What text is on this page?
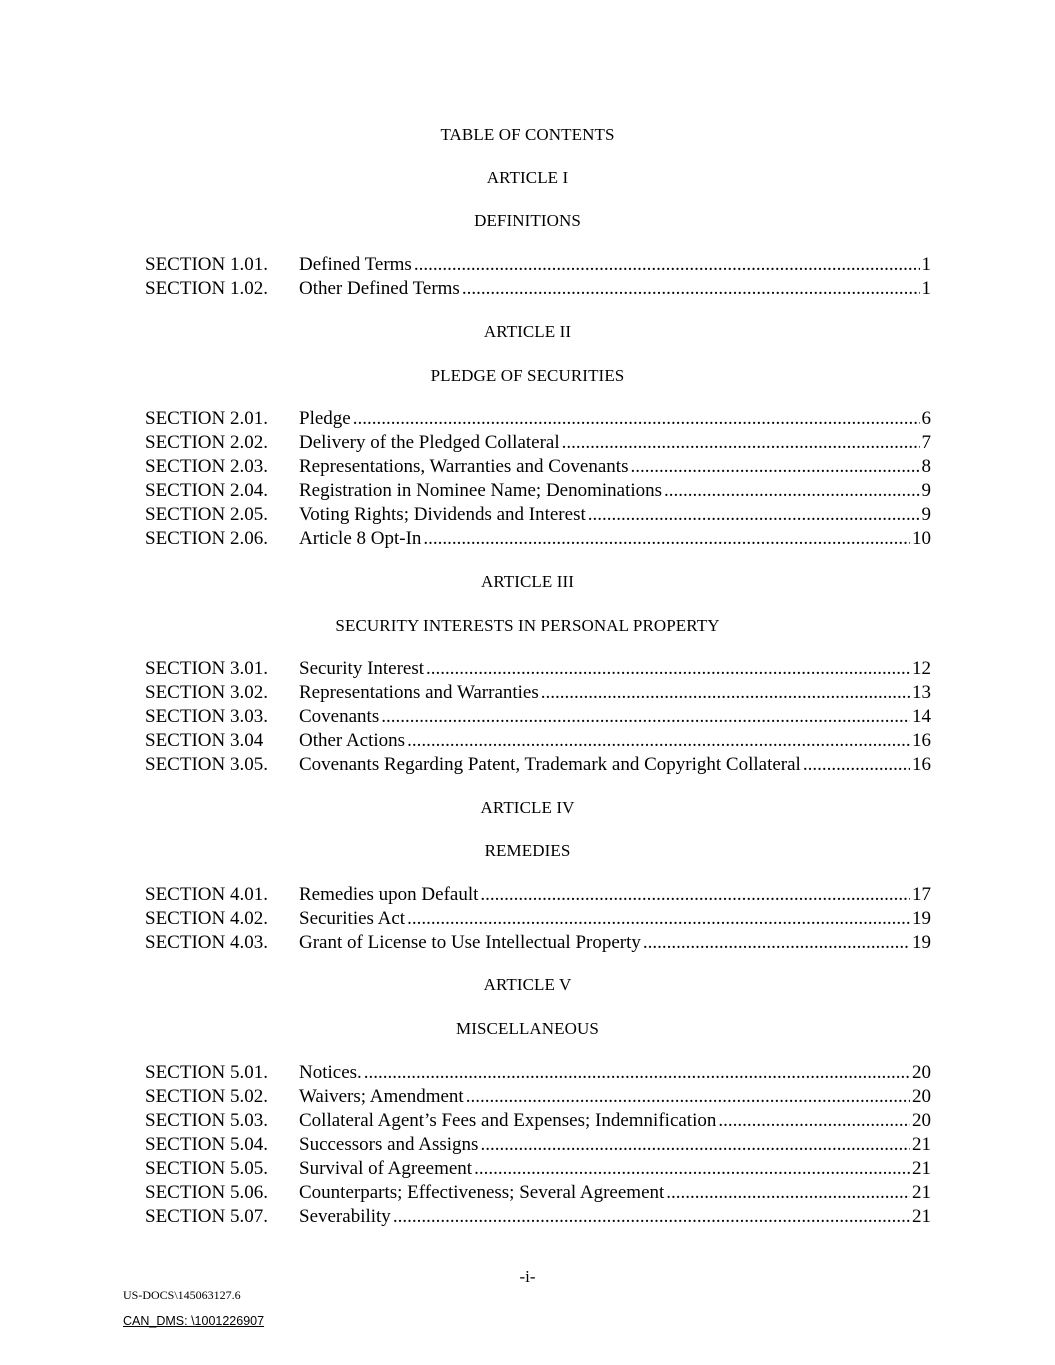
TABLE OF CONTENTS
ARTICLE I
DEFINITIONS
SECTION 1.01.	Defined Terms .....	1
SECTION 1.02.	Other Defined Terms .....	1
ARTICLE II
PLEDGE OF SECURITIES
SECTION 2.01.	Pledge .....	6
SECTION 2.02.	Delivery of the Pledged Collateral .....	7
SECTION 2.03.	Representations, Warranties and Covenants .....	8
SECTION 2.04.	Registration in Nominee Name; Denominations .....	9
SECTION 2.05.	Voting Rights; Dividends and Interest .....	9
SECTION 2.06.	Article 8 Opt-In .....	10
ARTICLE III
SECURITY INTERESTS IN PERSONAL PROPERTY
SECTION 3.01.	Security Interest .....	12
SECTION 3.02.	Representations and Warranties .....	13
SECTION 3.03.	Covenants .....	14
SECTION 3.04	Other Actions .....	16
SECTION 3.05.	Covenants Regarding Patent, Trademark and Copyright Collateral .....	16
ARTICLE IV
REMEDIES
SECTION 4.01.	Remedies upon Default .....	17
SECTION 4.02.	Securities Act .....	19
SECTION 4.03.	Grant of License to Use Intellectual Property .....	19
ARTICLE V
MISCELLANEOUS
SECTION 5.01.	Notices. .....	20
SECTION 5.02.	Waivers; Amendment .....	20
SECTION 5.03.	Collateral Agent’s Fees and Expenses; Indemnification .....	20
SECTION 5.04.	Successors and Assigns .....	21
SECTION 5.05.	Survival of Agreement .....	21
SECTION 5.06.	Counterparts; Effectiveness; Several Agreement .....	21
SECTION 5.07.	Severability .....	21
-i-
US-DOCS\145063127.6
CAN_DMS: \1001226907
